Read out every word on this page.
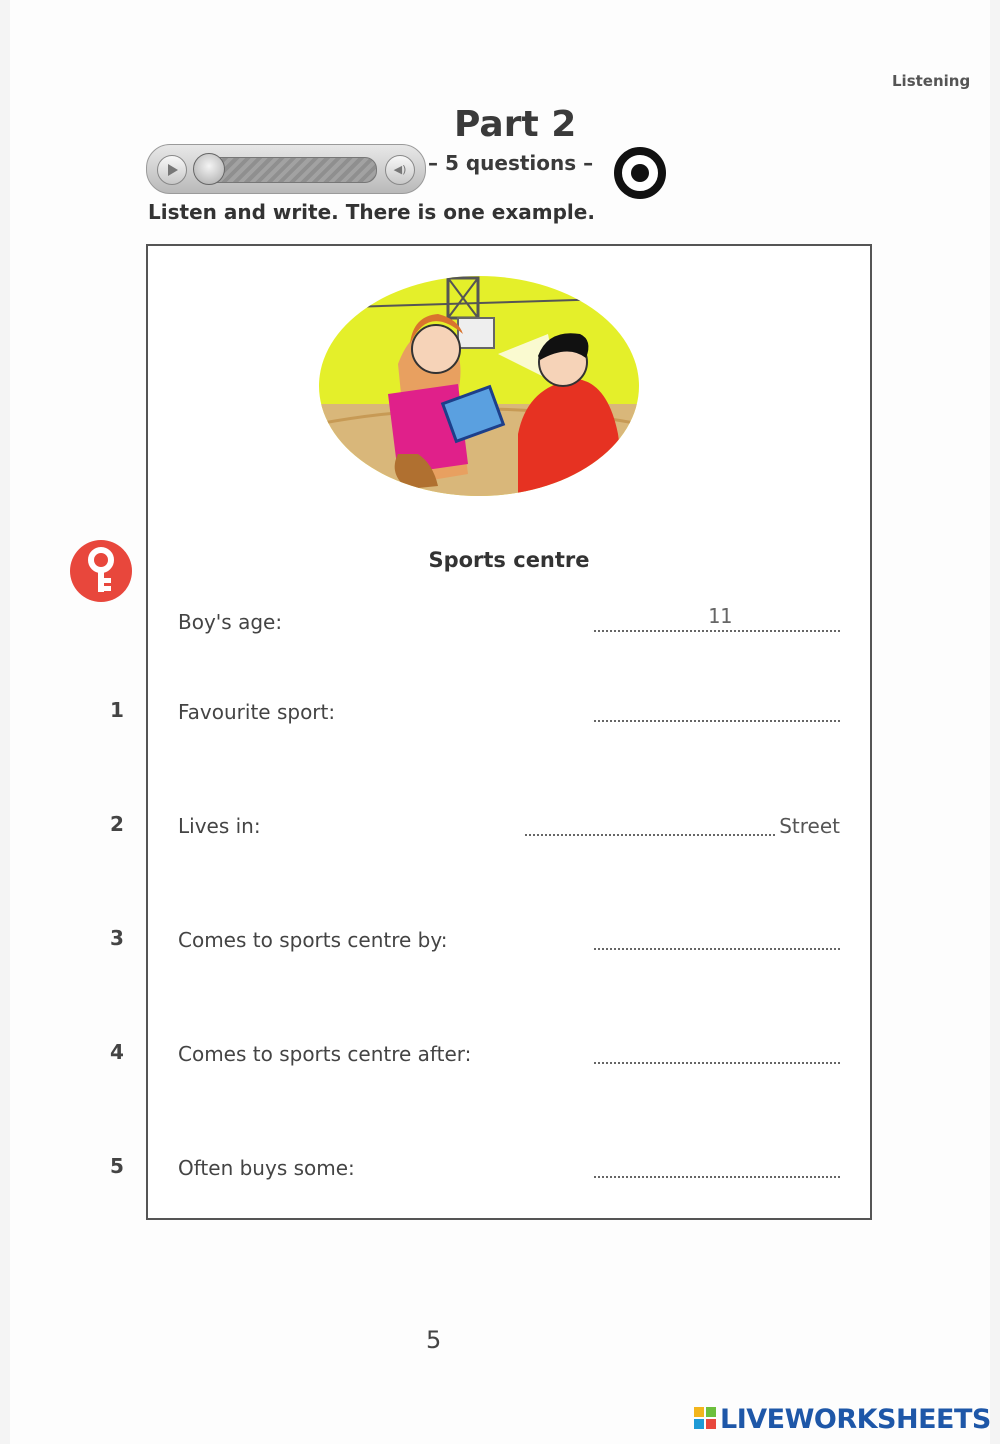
Listening
Part 2
– 5 questions –
◀)
Listen and write. There is one example.
Sports centre
Boy's age:	11
Favourite sport:
Lives in:	Street
Comes to sports centre by:
Comes to sports centre after:
Often buys some:
1
2
3
4
5
5
LIVEWORKSHEETS
